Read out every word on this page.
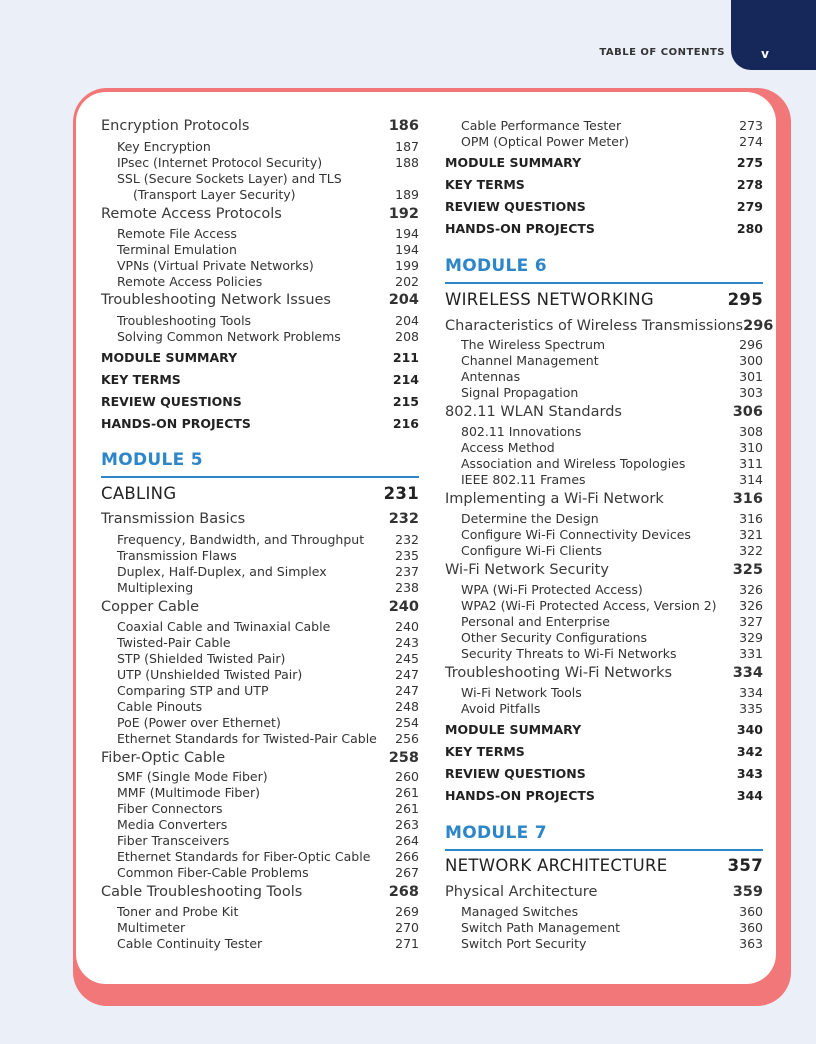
v
TABLE OF CONTENTS
Encryption Protocols	186
Key Encryption	187
IPsec (Internet Protocol Security)	188
SSL (Secure Sockets Layer) and TLS
(Transport Layer Security)	189
Remote Access Protocols	192
Remote File Access	194
Terminal Emulation	194
VPNs (Virtual Private Networks)	199
Remote Access Policies	202
Troubleshooting Network Issues	204
Troubleshooting Tools	204
Solving Common Network Problems	208
MODULE SUMMARY	211
KEY TERMS	214
REVIEW QUESTIONS	215
HANDS-ON PROJECTS	216
MODULE 5
CABLING	231
Transmission Basics	232
Frequency, Bandwidth, and Throughput 232
Transmission Flaws	235
Duplex, Half-Duplex, and Simplex	237
Multiplexing	238
Copper Cable	240
Coaxial Cable and Twinaxial Cable	240
Twisted-Pair Cable	243
STP (Shielded Twisted Pair)	245
UTP (Unshielded Twisted Pair)	247
Comparing STP and UTP	247
Cable Pinouts	248
PoE (Power over Ethernet)	254
Ethernet Standards for Twisted-Pair Cable 256
Fiber-Optic Cable	258
SMF (Single Mode Fiber)	260
MMF (Multimode Fiber)	261
Fiber Connectors	261
Media Converters	263
Fiber Transceivers	264
Ethernet Standards for Fiber-Optic Cable 266
Common Fiber-Cable Problems	267
Cable Troubleshooting Tools	268
Toner and Probe Kit	269
Multimeter	270
Cable Continuity Tester	271
Cable Performance Tester	273
OPM (Optical Power Meter)	274
MODULE SUMMARY	275
KEY TERMS	278
REVIEW QUESTIONS	279
HANDS-ON PROJECTS	280
MODULE 6
WIRELESS NETWORKING	295
Characteristics of Wireless Transmissions 296
The Wireless Spectrum	296
Channel Management	300
Antennas	301
Signal Propagation	303
802.11 WLAN Standards	306
802.11 Innovations	308
Access Method	310
Association and Wireless Topologies	311
IEEE 802.11 Frames	314
Implementing a Wi-Fi Network	316
Determine the Design	316
Configure Wi-Fi Connectivity Devices	321
Configure Wi-Fi Clients	322
Wi-Fi Network Security	325
WPA (Wi-Fi Protected Access)	326
WPA2 (Wi-Fi Protected Access, Version 2) 326
Personal and Enterprise	327
Other Security Configurations	329
Security Threats to Wi-Fi Networks	331
Troubleshooting Wi-Fi Networks	334
Wi-Fi Network Tools	334
Avoid Pitfalls	335
MODULE SUMMARY	340
KEY TERMS	342
REVIEW QUESTIONS	343
HANDS-ON PROJECTS	344
MODULE 7
NETWORK ARCHITECTURE	357
Physical Architecture	359
Managed Switches	360
Switch Path Management	360
Switch Port Security	363
